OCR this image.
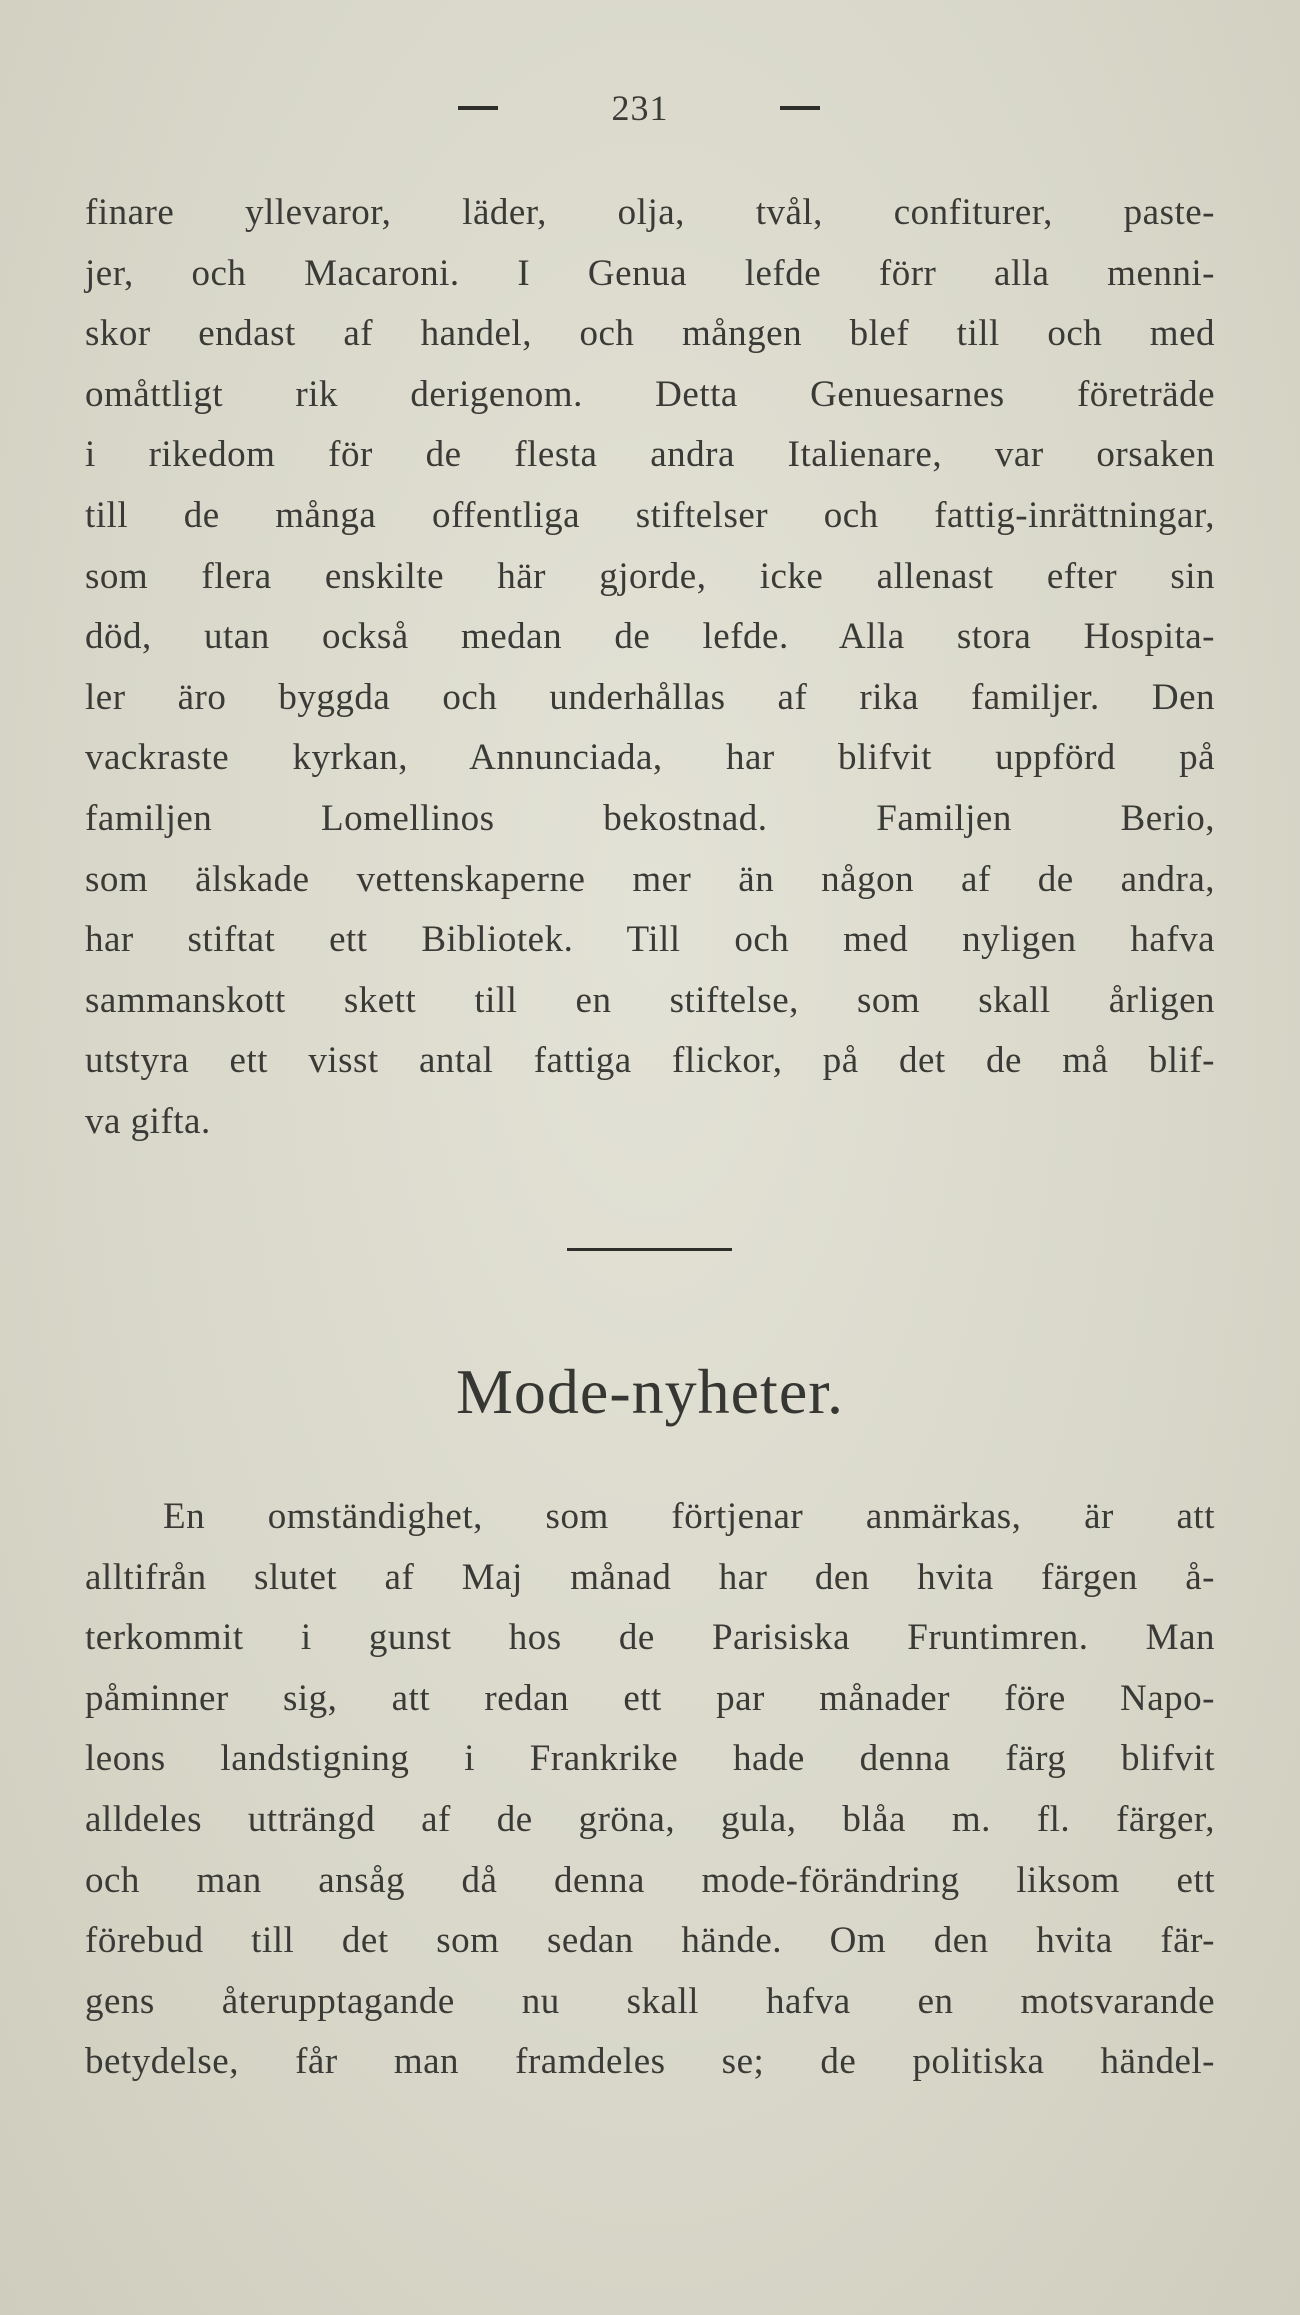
231
finare yllevaror, läder, olja, tvål, confiturer, paste-
jer, och Macaroni. I Genua lefde förr alla menni-
skor endast af handel, och mången blef till och med
omåttligt rik derigenom. Detta Genuesarnes företräde
i rikedom för de flesta andra Italienare, var orsaken
till de många offentliga stiftelser och fattig-inrättningar,
som flera enskilte här gjorde, icke allenast efter sin
död, utan också medan de lefde. Alla stora Hospita-
ler äro byggda och underhållas af rika familjer. Den
vackraste kyrkan, Annunciada, har blifvit uppförd på
familjen Lomellinos bekostnad. Familjen Berio,
som älskade vettenskaperne mer än någon af de andra,
har stiftat ett Bibliotek. Till och med nyligen hafva
sammanskott skett till en stiftelse, som skall årligen
utstyra ett visst antal fattiga flickor, på det de må blif-
va gifta.
Mode-nyheter.
En omständighet, som förtjenar anmärkas, är att
alltifrån slutet af Maj månad har den hvita färgen å-
terkommit i gunst hos de Parisiska Fruntimren. Man
påminner sig, att redan ett par månader före Napo-
leons landstigning i Frankrike hade denna färg blifvit
alldeles utträngd af de gröna, gula, blåa m. fl. färger,
och man ansåg då denna mode-förändring liksom ett
förebud till det som sedan hände. Om den hvita fär-
gens återupptagande nu skall hafva en motsvarande
betydelse, får man framdeles se; de politiska händel-
